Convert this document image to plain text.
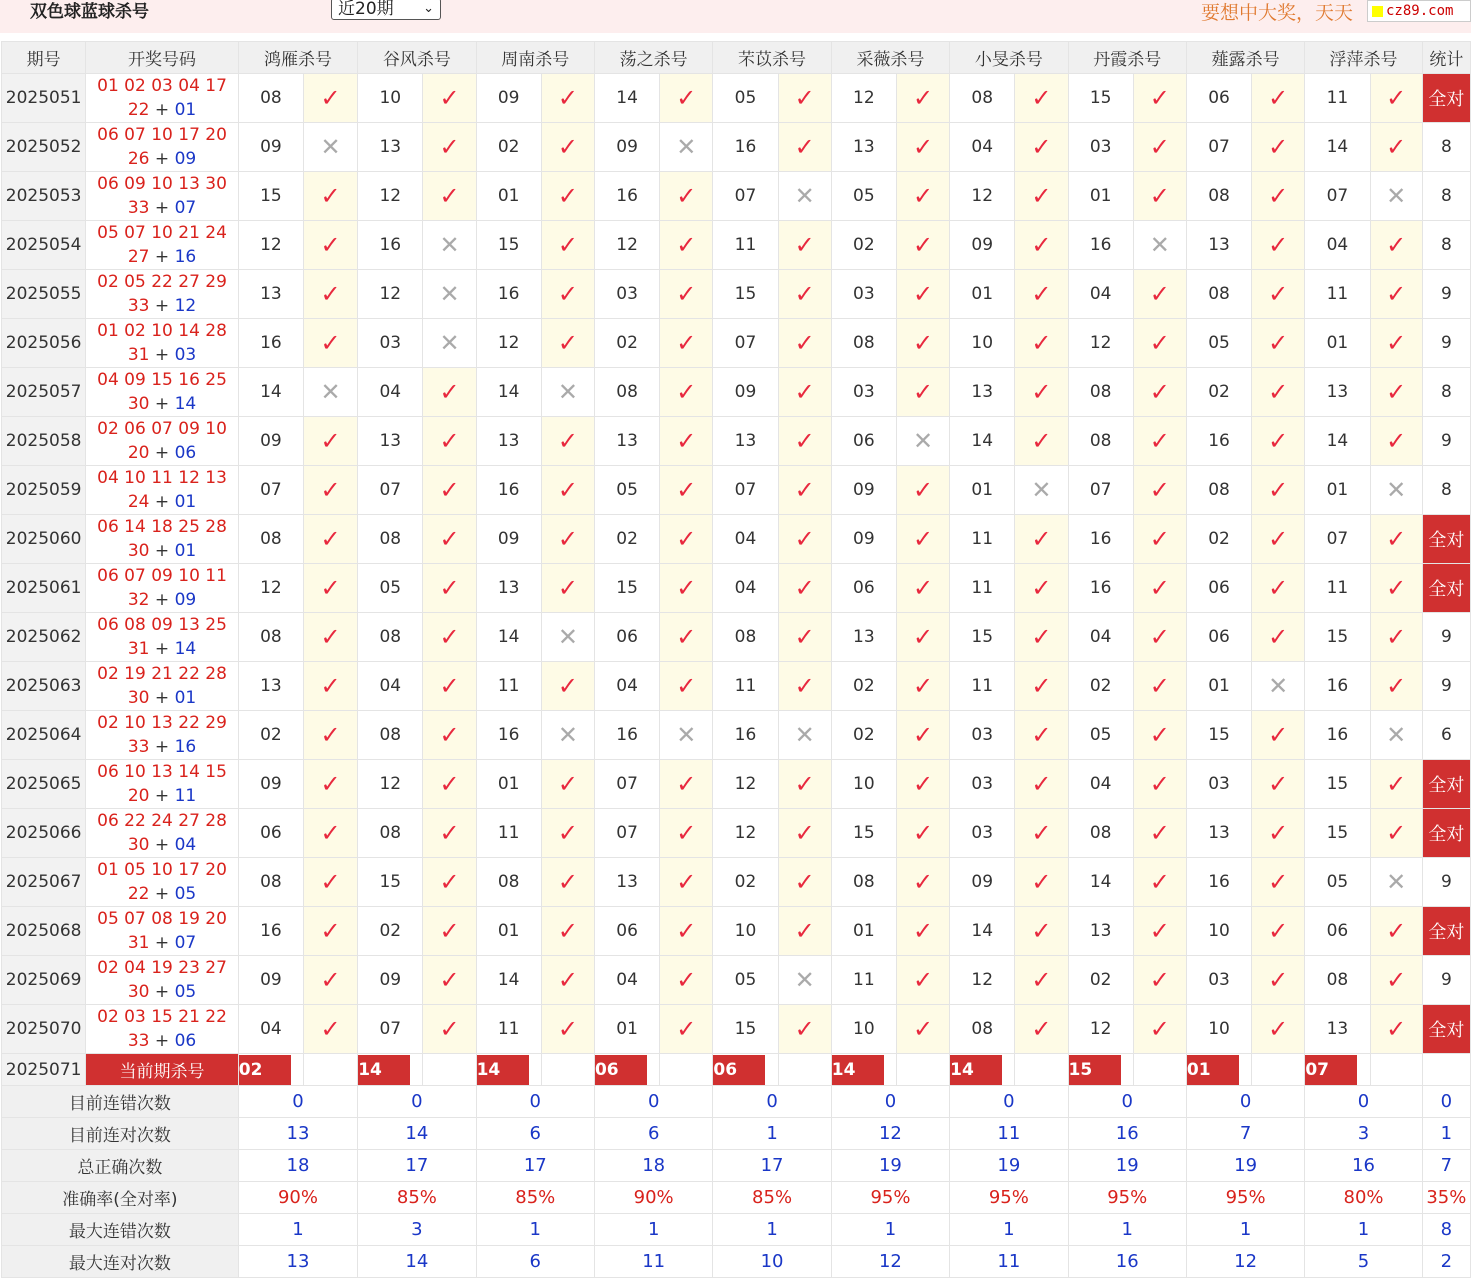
双色球蓝球杀号	近20期 ⌄	要想中大奖，天天	cz89.com
期号	开奖号码	鸿雁杀号		谷风杀号		周南杀号		荡之杀号		芣苡杀号		采薇杀号		小旻杀号		丹霞杀号		薤露杀号		浮萍杀号		统计
2025051	01 02 03 04 17
22 + 01	08	✓	10	✓	09	✓	14	✓	05	✓	12	✓	08	✓	15	✓	06	✓	11	✓	全对
2025052	06 07 10 17 20
26 + 09	09	✕	13	✓	02	✓	09	✕	16	✓	13	✓	04	✓	03	✓	07	✓	14	✓	8
2025053	06 09 10 13 30
33 + 07	15	✓	12	✓	01	✓	16	✓	07	✕	05	✓	12	✓	01	✓	08	✓	07	✕	8
2025054	05 07 10 21 24
27 + 16	12	✓	16	✕	15	✓	12	✓	11	✓	02	✓	09	✓	16	✕	13	✓	04	✓	8
2025055	02 05 22 27 29
33 + 12	13	✓	12	✕	16	✓	03	✓	15	✓	03	✓	01	✓	04	✓	08	✓	11	✓	9
2025056	01 02 10 14 28
31 + 03	16	✓	03	✕	12	✓	02	✓	07	✓	08	✓	10	✓	12	✓	05	✓	01	✓	9
2025057	04 09 15 16 25
30 + 14	14	✕	04	✓	14	✕	08	✓	09	✓	03	✓	13	✓	08	✓	02	✓	13	✓	8
2025058	02 06 07 09 10
20 + 06	09	✓	13	✓	13	✓	13	✓	13	✓	06	✕	14	✓	08	✓	16	✓	14	✓	9
2025059	04 10 11 12 13
24 + 01	07	✓	07	✓	16	✓	05	✓	07	✓	09	✓	01	✕	07	✓	08	✓	01	✕	8
2025060	06 14 18 25 28
30 + 01	08	✓	08	✓	09	✓	02	✓	04	✓	09	✓	11	✓	16	✓	02	✓	07	✓	全对
2025061	06 07 09 10 11
32 + 09	12	✓	05	✓	13	✓	15	✓	04	✓	06	✓	11	✓	16	✓	06	✓	11	✓	全对
2025062	06 08 09 13 25
31 + 14	08	✓	08	✓	14	✕	06	✓	08	✓	13	✓	15	✓	04	✓	06	✓	15	✓	9
2025063	02 19 21 22 28
30 + 01	13	✓	04	✓	11	✓	04	✓	11	✓	02	✓	11	✓	02	✓	01	✕	16	✓	9
2025064	02 10 13 22 29
33 + 16	02	✓	08	✓	16	✕	16	✕	16	✕	02	✓	03	✓	05	✓	15	✓	16	✕	6
2025065	06 10 13 14 15
20 + 11	09	✓	12	✓	01	✓	07	✓	12	✓	10	✓	03	✓	04	✓	03	✓	15	✓	全对
2025066	06 22 24 27 28
30 + 04	06	✓	08	✓	11	✓	07	✓	12	✓	15	✓	03	✓	08	✓	13	✓	15	✓	全对
2025067	01 05 10 17 20
22 + 05	08	✓	15	✓	08	✓	13	✓	02	✓	08	✓	09	✓	14	✓	16	✓	05	✕	9
2025068	05 07 08 19 20
31 + 07	16	✓	02	✓	01	✓	06	✓	10	✓	01	✓	14	✓	13	✓	10	✓	06	✓	全对
2025069	02 04 19 23 27
30 + 05	09	✓	09	✓	14	✓	04	✓	05	✕	11	✓	12	✓	02	✓	03	✓	08	✓	9
2025070	02 03 15 21 22
33 + 06	04	✓	07	✓	11	✓	01	✓	15	✓	10	✓	08	✓	12	✓	10	✓	13	✓	全对
2025071	当前期杀号	02		14		14		06		06		14		14		15		01		07		

目前连错次数		0		0		0		0		0		0		0		0		0		0		0
目前连对次数		13		14		6		6		1		12		11		16		7		3		1
总正确次数		18		17		17		18		17		19		19		19		19		16		7
准确率(全对率)		90%		85%		85%		90%		85%		95%		95%		95%		95%		80%		35%
最大连错次数		1		3		1		1		1		1		1		1		1		1		8
最大连对次数		13		14		6		11		10		12		11		16		12		5		2
